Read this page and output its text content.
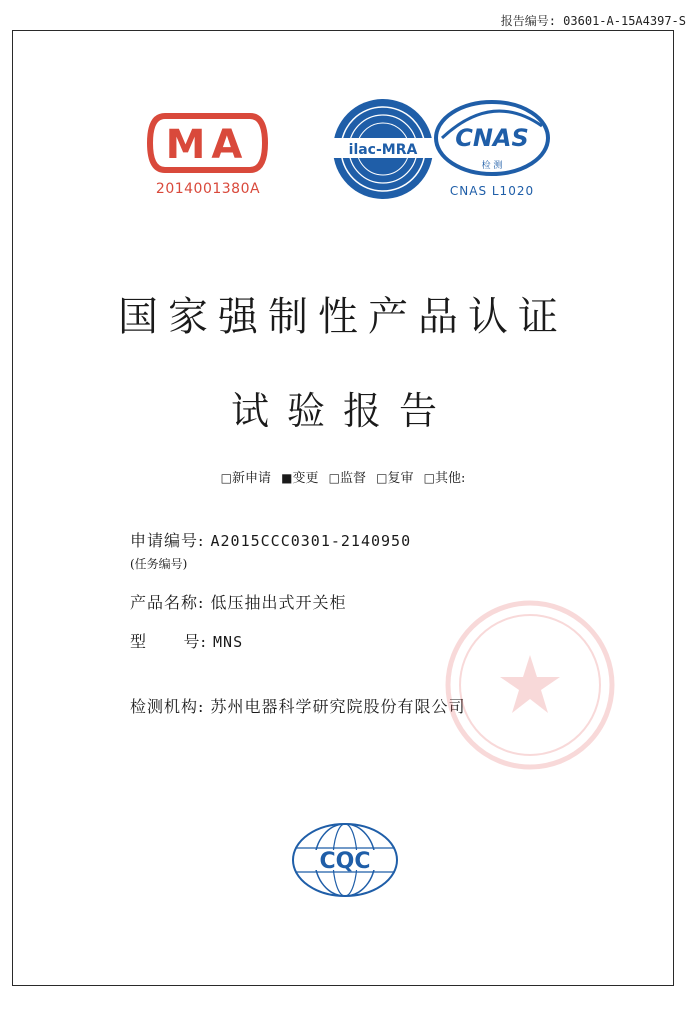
报告编号: 03601-A-15A4397-S
MA
2014001380A
ilac-MRA CNAS
检 测
CNAS L1020
国家强制性产品认证
试验报告
□新申请 ■变更 □监督 □复审 □其他:
申请编号: A2015CCC0301-2140950
(任务编号)
产品名称: 低压抽出式开关柜
型      号: MNS
检测机构: 苏州电器科学研究院股份有限公司
CQC
